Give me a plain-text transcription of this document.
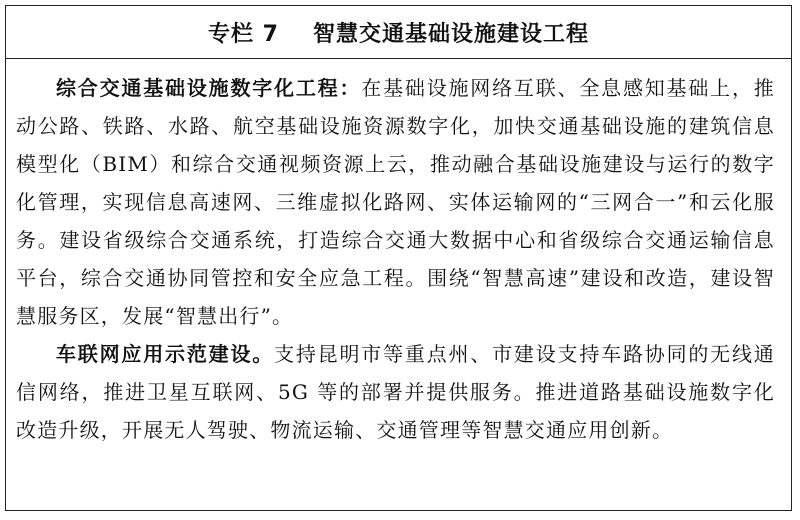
专栏 7 智慧交通基础设施建设工程

综合交通基础设施数字化工程：在基础设施网络互联、全息感知基础上，推动公路、铁路、水路、航空基础设施资源数字化，加快交通基础设施的建筑信息模型化（BIM）和综合交通视频资源上云，推动融合基础设施建设与运行的数字化管理，实现信息高速网、三维虚拟化路网、实体运输网的“三网合一”和云化服务。建设省级综合交通系统，打造综合交通大数据中心和省级综合交通运输信息平台，综合交通协同管控和安全应急工程。围绕“智慧高速”建设和改造，建设智慧服务区，发展“智慧出行”。

车联网应用示范建设。支持昆明市等重点州、市建设支持车路协同的无线通信网络，推进卫星互联网、5G 等的部署并提供服务。推进道路基础设施数字化改造升级，开展无人驾驶、物流运输、交通管理等智慧交通应用创新。
